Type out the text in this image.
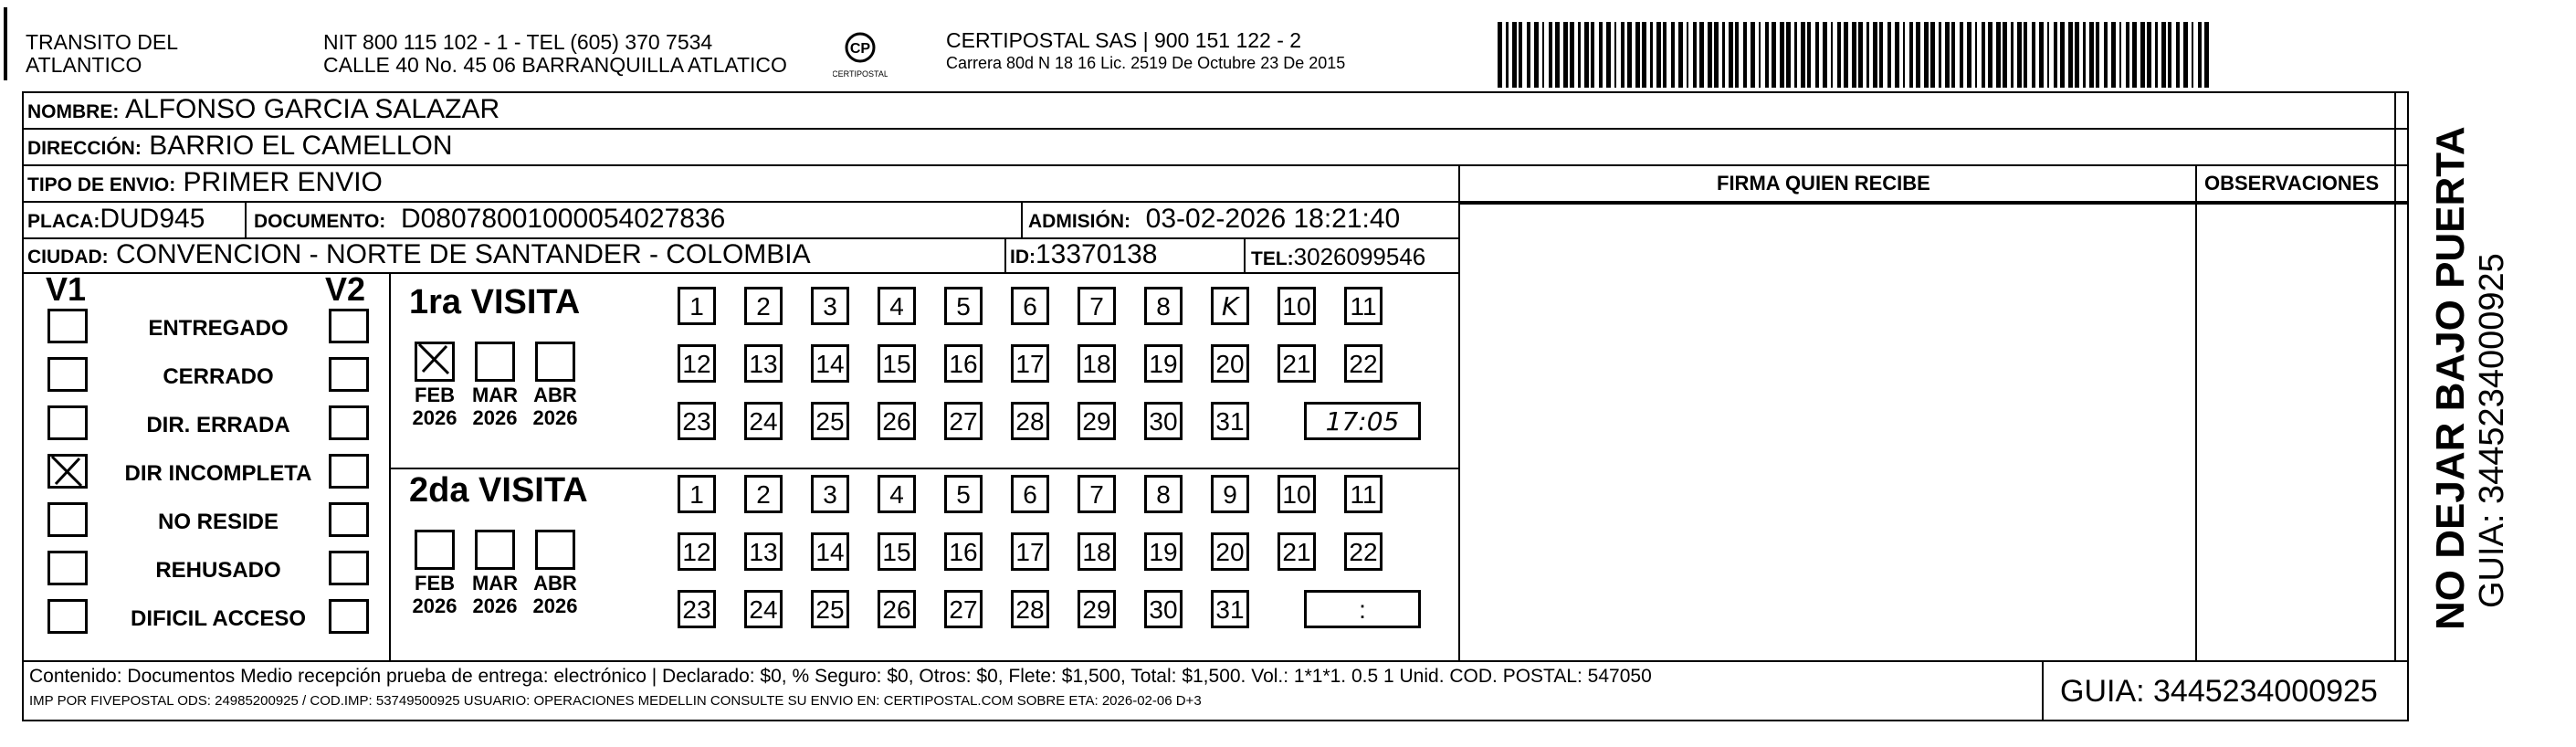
TRANSITO DEL
ATLANTICO
NIT 800 115 102 - 1 - TEL (605) 370 7534
CALLE 40 No. 45 06 BARRANQUILLA ATLATICO
CP
CERTIPOSTAL
CERTIPOSTAL SAS | 900 151 122 - 2
Carrera 80d N 18 16 Lic. 2519 De Octubre 23 De 2015
NOMBRE: ALFONSO GARCIA SALAZAR
DIRECCIÓN: BARRIO EL CAMELLON
TIPO DE ENVIO: PRIMER ENVIO	FIRMA QUIEN RECIBE	OBSERVACIONES
PLACA:DUD945	DOCUMENTO: D08078001000054027836	ADMISIÓN: 03-02-2026 18:21:40
CIUDAD: CONVENCION - NORTE DE SANTANDER - COLOMBIA	ID:13370138	TEL:3026099546
V1	V2 1ra VISITA
2da VISITA
Contenido: Documentos Medio recepción prueba de entrega: electrónico | Declarado: $0, % Seguro: $0, Otros: $0, Flete: $1,500, Total: $1,500. Vol.: 1*1*1. 0.5 1 Unid. COD. POSTAL: 547050
IMP POR FIVEPOSTAL ODS: 24985200925 / COD.IMP: 53749500925 USUARIO: OPERACIONES MEDELLIN CONSULTE SU ENVIO EN: CERTIPOSTAL.COM SOBRE ETA: 2026-02-06 D+3	GUIA: 3445234000925
NO DEJAR BAJO PUERTA GUIA: 3445234000925
ENTREGADO
CERRADO
DIR. ERRADA
DIR INCOMPLETA
NO RESIDE
REHUSADO
DIFICIL ACCESO
FEB
2026
MAR
2026
ABR
2026
1	2	3	4	5	6	7	8	K	10 11
12 13 14 15 16 17 18 19 20 21 22
23 24 25 26 27 28 29 30 31	17:05
FEB
2026
MAR
2026
ABR
2026
1	2	3	4	5	6	7	8	9	10 11
12 13 14 15 16 17 18 19 20 21 22
23 24 25 26 27 28 29 30 31	:
